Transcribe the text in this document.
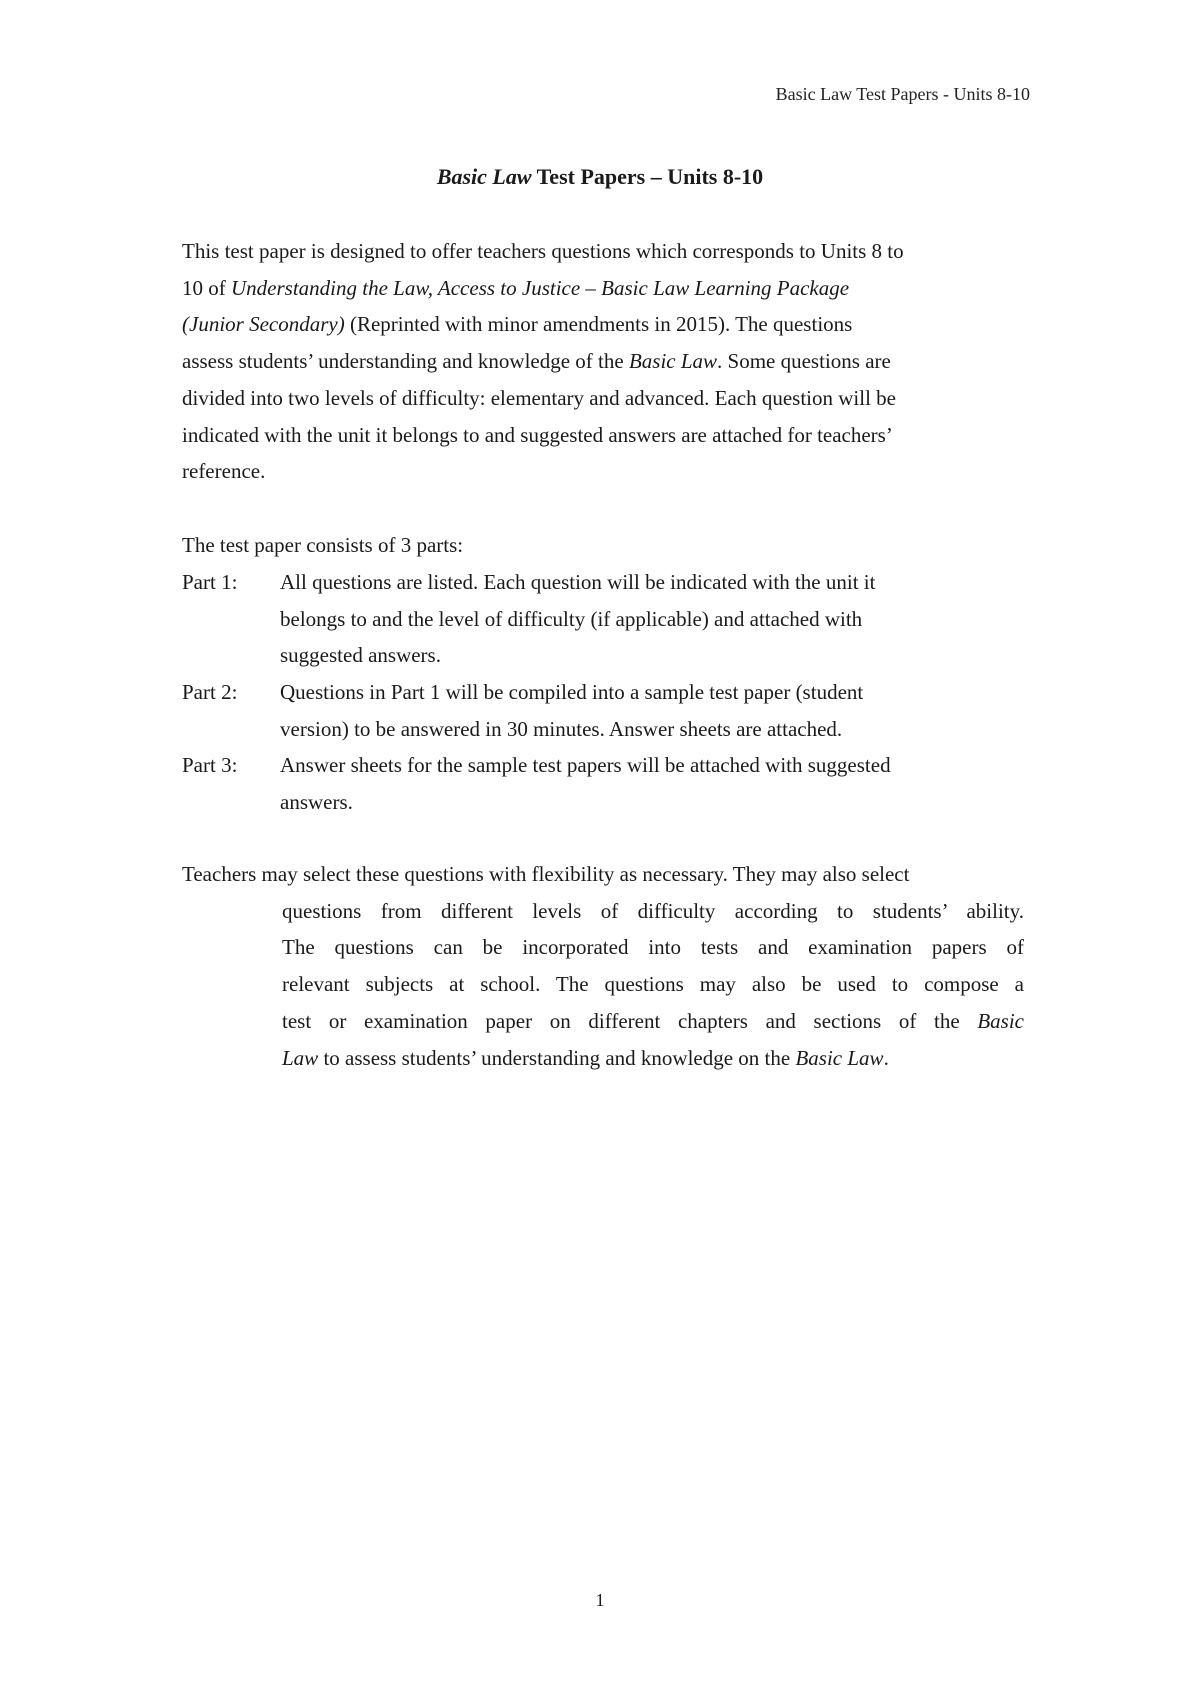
Basic Law Test Papers - Units 8-10
Basic Law Test Papers – Units 8-10
This test paper is designed to offer teachers questions which corresponds to Units 8 to
10 of Understanding the Law, Access to Justice – Basic Law Learning Package
(Junior Secondary) (Reprinted with minor amendments in 2015). The questions
assess students’ understanding and knowledge of the Basic Law. Some questions are
divided into two levels of difficulty: elementary and advanced. Each question will be
indicated with the unit it belongs to and suggested answers are attached for teachers’
reference.
The test paper consists of 3 parts:
Part 1: All questions are listed. Each question will be indicated with the unit it
belongs to and the level of difficulty (if applicable) and attached with
suggested answers.
Part 2: Questions in Part 1 will be compiled into a sample test paper (student
version) to be answered in 30 minutes. Answer sheets are attached.
Part 3: Answer sheets for the sample test papers will be attached with suggested
answers.
Teachers may select these questions with flexibility as necessary. They may also select
questions from different levels of difficulty according to students’ ability.
The questions can be incorporated into tests and examination papers of
relevant subjects at school. The questions may also be used to compose a
test or examination paper on different chapters and sections of the Basic
Law to assess students’ understanding and knowledge on the Basic Law.
1
